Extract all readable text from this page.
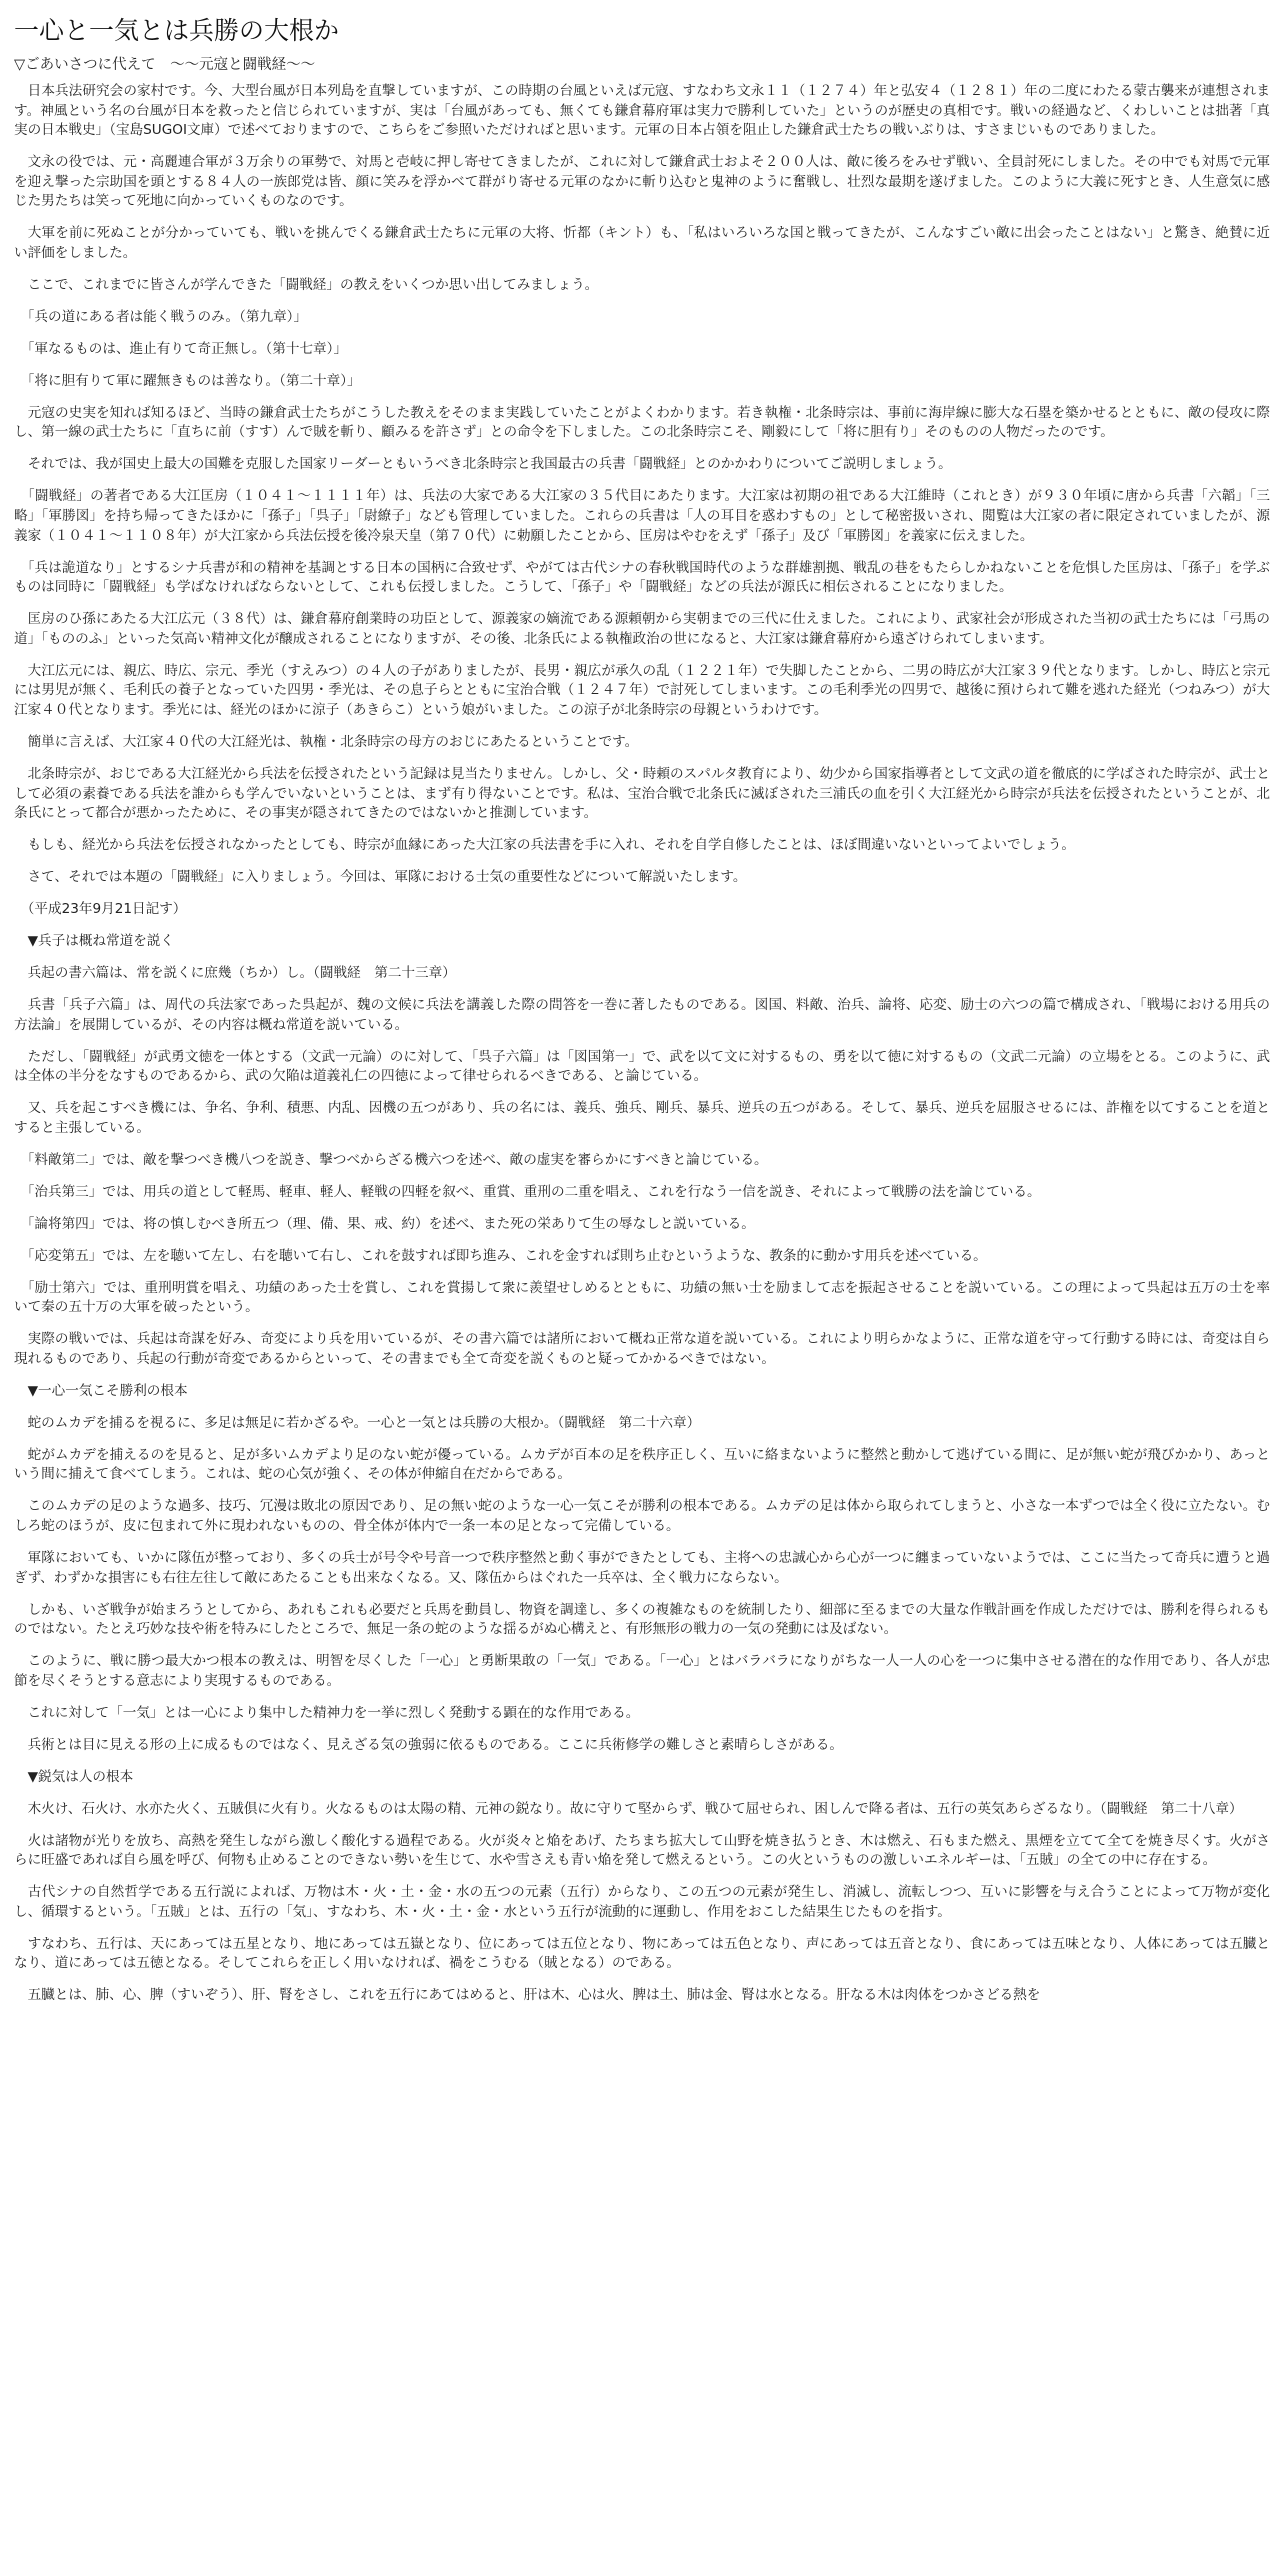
一心と一気とは兵勝の大根か
▽ごあいさつに代えて　～～元寇と闘戦経～～

　日本兵法研究会の家村です。今、大型台風が日本列島を直撃していますが、この時期の台風といえば元寇、すなわち文永１１（１２７４）年と弘安４（１２８１）年の二度にわたる蒙古襲来が連想されます。神風という名の台風が日本を救ったと信じられていますが、実は「台風があっても、無くても鎌倉幕府軍は実力で勝利していた」というのが歴史の真相です。戦いの経過など、くわしいことは拙著「真実の日本戦史」（宝島SUGOI文庫）で述べておりますので、こちらをご参照いただければと思います。元軍の日本占領を阻止した鎌倉武士たちの戦いぶりは、すさまじいものでありました。

　文永の役では、元・高麗連合軍が３万余りの軍勢で、対馬と壱岐に押し寄せてきましたが、これに対して鎌倉武士およそ２００人は、敵に後ろをみせず戦い、全員討死にしました。その中でも対馬で元軍を迎え撃った宗助国を頭とする８４人の一族郎党は皆、顔に笑みを浮かべて群がり寄せる元軍のなかに斬り込むと鬼神のように奮戦し、壮烈な最期を遂げました。このように大義に死すとき、人生意気に感じた男たちは笑って死地に向かっていくものなのです。

　大軍を前に死ぬことが分かっていても、戦いを挑んでくる鎌倉武士たちに元軍の大将、忻都（キント）も、「私はいろいろな国と戦ってきたが、こんなすごい敵に出会ったことはない」と驚き、絶賛に近い評価をしました。

　ここで、これまでに皆さんが学んできた「闘戦経」の教えをいくつか思い出してみましょう。

　「兵の道にある者は能く戦うのみ。（第九章）」

　「軍なるものは、進止有りて奇正無し。（第十七章）」

　「将に胆有りて軍に躍無きものは善なり。（第二十章）」

　元寇の史実を知れば知るほど、当時の鎌倉武士たちがこうした教えをそのまま実践していたことがよくわかります。若き執権・北条時宗は、事前に海岸線に膨大な石塁を築かせるとともに、敵の侵攻に際し、第一線の武士たちに「直ちに前（すす）んで賊を斬り、顧みるを許さず」との命令を下しました。この北条時宗こそ、剛毅にして「将に胆有り」そのものの人物だったのです。

　それでは、我が国史上最大の国難を克服した国家リーダーともいうべき北条時宗と我国最古の兵書「闘戦経」とのかかわりについてご説明しましょう。

　「闘戦経」の著者である大江匡房（１０４１～１１１１年）は、兵法の大家である大江家の３５代目にあたります。大江家は初期の祖である大江維時（これとき）が９３０年頃に唐から兵書「六韜」「三略」「軍勝図」を持ち帰ってきたほかに「孫子」「呉子」「尉繚子」なども管理していました。これらの兵書は「人の耳目を惑わすもの」として秘密扱いされ、閲覧は大江家の者に限定されていましたが、源義家（１０４１～１１０８年）が大江家から兵法伝授を後冷泉天皇（第７０代）に勅願したことから、匡房はやむをえず「孫子」及び「軍勝図」を義家に伝えました。

　「兵は詭道なり」とするシナ兵書が和の精神を基調とする日本の国柄に合致せず、やがては古代シナの春秋戦国時代のような群雄割拠、戦乱の巷をもたらしかねないことを危惧した匡房は、「孫子」を学ぶものは同時に「闘戦経」も学ばなければならないとして、これも伝授しました。こうして、「孫子」や「闘戦経」などの兵法が源氏に相伝されることになりました。

　匡房のひ孫にあたる大江広元（３８代）は、鎌倉幕府創業時の功臣として、源義家の嫡流である源頼朝から実朝までの三代に仕えました。これにより、武家社会が形成された当初の武士たちには「弓馬の道」「もののふ」といった気高い精神文化が醸成されることになりますが、その後、北条氏による執権政治の世になると、大江家は鎌倉幕府から遠ざけられてしまいます。

　大江広元には、親広、時広、宗元、季光（すえみつ）の４人の子がありましたが、長男・親広が承久の乱（１２２１年）で失脚したことから、二男の時広が大江家３９代となります。しかし、時広と宗元には男児が無く、毛利氏の養子となっていた四男・季光は、その息子らとともに宝治合戦（１２４７年）で討死してしまいます。この毛利季光の四男で、越後に預けられて難を逃れた経光（つねみつ）が大江家４０代となります。季光には、経光のほかに涼子（あきらこ）という娘がいました。この涼子が北条時宗の母親というわけです。

　簡単に言えば、大江家４０代の大江経光は、執権・北条時宗の母方のおじにあたるということです。

　北条時宗が、おじである大江経光から兵法を伝授されたという記録は見当たりません。しかし、父・時頼のスパルタ教育により、幼少から国家指導者として文武の道を徹底的に学ばされた時宗が、武士として必須の素養である兵法を誰からも学んでいないということは、まず有り得ないことです。私は、宝治合戦で北条氏に滅ぼされた三浦氏の血を引く大江経光から時宗が兵法を伝授されたということが、北条氏にとって都合が悪かったために、その事実が隠されてきたのではないかと推測しています。

　もしも、経光から兵法を伝授されなかったとしても、時宗が血縁にあった大江家の兵法書を手に入れ、それを自学自修したことは、ほぼ間違いないといってよいでしょう。

　さて、それでは本題の「闘戦経」に入りましょう。今回は、軍隊における士気の重要性などについて解説いたします。

　（平成23年9月21日記す）

　▼兵子は概ね常道を説く

　兵起の書六篇は、常を説くに庶幾（ちか）し。（闘戦経　第二十三章）

　兵書「兵子六篇」は、周代の兵法家であった呉起が、魏の文候に兵法を講義した際の問答を一巻に著したものである。図国、料敵、治兵、論将、応変、励士の六つの篇で構成され、「戦場における用兵の方法論」を展開しているが、その内容は概ね常道を説いている。

　ただし、「闘戦経」が武勇文徳を一体とする（文武一元論）のに対して、「呉子六篇」は「図国第一」で、武を以て文に対するもの、勇を以て徳に対するもの（文武二元論）の立場をとる。このように、武は全体の半分をなすものであるから、武の欠陥は道義礼仁の四徳によって律せられるべきである、と論じている。

　又、兵を起こすべき機には、争名、争利、積悪、内乱、因機の五つがあり、兵の名には、義兵、強兵、剛兵、暴兵、逆兵の五つがある。そして、暴兵、逆兵を屈服させるには、詐権を以てすることを道とすると主張している。

　「料敵第二」では、敵を撃つべき機八つを説き、撃つべからざる機六つを述べ、敵の虚実を審らかにすべきと論じている。

　「治兵第三」では、用兵の道として軽馬、軽車、軽人、軽戦の四軽を叙べ、重賞、重刑の二重を唱え、これを行なう一信を説き、それによって戦勝の法を論じている。

　「論将第四」では、将の慎しむべき所五つ（理、備、果、戒、約）を述べ、また死の栄ありて生の辱なしと説いている。

　「応変第五」では、左を聴いて左し、右を聴いて右し、これを鼓すれば即ち進み、これを金すれば則ち止むというような、教条的に動かす用兵を述べている。

　「励士第六」では、重刑明賞を唱え、功績のあった士を賞し、これを賞揚して衆に羨望せしめるとともに、功績の無い士を励まして志を振起させることを説いている。この理によって呉起は五万の士を率いて秦の五十万の大軍を破ったという。

　実際の戦いでは、兵起は奇謀を好み、奇変により兵を用いているが、その書六篇では諸所において概ね正常な道を説いている。これにより明らかなように、正常な道を守って行動する時には、奇変は自ら現れるものであり、兵起の行動が奇変であるからといって、その書までも全て奇変を説くものと疑ってかかるべきではない。

　▼一心一気こそ勝利の根本

　蛇のムカデを捕るを視るに、多足は無足に若かざるや。一心と一気とは兵勝の大根か。（闘戦経　第二十六章）

　蛇がムカデを捕えるのを見ると、足が多いムカデより足のない蛇が優っている。ムカデが百本の足を秩序正しく、互いに絡まないように整然と動かして逃げている間に、足が無い蛇が飛びかかり、あっという間に捕えて食べてしまう。これは、蛇の心気が強く、その体が伸縮自在だからである。

　このムカデの足のような過多、技巧、冗漫は敗北の原因であり、足の無い蛇のような一心一気こそが勝利の根本である。ムカデの足は体から取られてしまうと、小さな一本ずつでは全く役に立たない。むしろ蛇のほうが、皮に包まれて外に現われないものの、骨全体が体内で一条一本の足となって完備している。

　軍隊においても、いかに隊伍が整っており、多くの兵士が号令や号音一つで秩序整然と動く事ができたとしても、主将への忠誠心から心が一つに纏まっていないようでは、ここに当たって奇兵に遭うと過ぎず、わずかな損害にも右往左往して敵にあたることも出来なくなる。又、隊伍からはぐれた一兵卒は、全く戦力にならない。

　しかも、いざ戦争が始まろうとしてから、あれもこれも必要だと兵馬を動員し、物資を調達し、多くの複雑なものを統制したり、細部に至るまでの大量な作戦計画を作成しただけでは、勝利を得られるものではない。たとえ巧妙な技や術を特みにしたところで、無足一条の蛇のような揺るがぬ心構えと、有形無形の戦力の一気の発動には及ばない。

　このように、戦に勝つ最大かつ根本の教えは、明智を尽くした「一心」と勇断果敢の「一気」である。「一心」とはバラバラになりがちな一人一人の心を一つに集中させる潜在的な作用であり、各人が忠節を尽くそうとする意志により実現するものである。

　これに対して「一気」とは一心により集中した精神力を一挙に烈しく発動する顕在的な作用である。

　兵術とは目に見える形の上に成るものではなく、見えざる気の強弱に依るものである。ここに兵術修学の難しさと素晴らしさがある。

　▼鋭気は人の根本

　木火け、石火け、水亦た火く、五賊倶に火有り。火なるものは太陽の精、元神の鋭なり。故に守りて堅からず、戦ひて屈せられ、困しんで降る者は、五行の英気あらざるなり。（闘戦経　第二十八章）

　火は諸物が光りを放ち、高熱を発生しながら激しく酸化する過程である。火が炎々と焔をあげ、たちまち拡大して山野を焼き払うとき、木は燃え、石もまた燃え、黒煙を立てて全てを焼き尽くす。火がさらに旺盛であれば自ら風を呼び、何物も止めることのできない勢いを生じて、水や雪さえも青い焔を発して燃えるという。この火というものの激しいエネルギーは、「五賊」の全ての中に存在する。

　古代シナの自然哲学である五行説によれば、万物は木・火・土・金・水の五つの元素（五行）からなり、この五つの元素が発生し、消滅し、流転しつつ、互いに影響を与え合うことによって万物が変化し、循環するという。「五賊」とは、五行の「気」、すなわち、木・火・土・金・水という五行が流動的に運動し、作用をおこした結果生じたものを指す。

　すなわち、五行は、天にあっては五星となり、地にあっては五嶽となり、位にあっては五位となり、物にあっては五色となり、声にあっては五音となり、食にあっては五味となり、人体にあっては五臓となり、道にあっては五徳となる。そしてこれらを正しく用いなければ、禍をこうむる（賊となる）のである。

　五臓とは、肺、心、脾（すいぞう）、肝、腎をさし、これを五行にあてはめると、肝は木、心は火、脾は土、肺は金、腎は水となる。肝なる木は肉体をつかさどる熱を
